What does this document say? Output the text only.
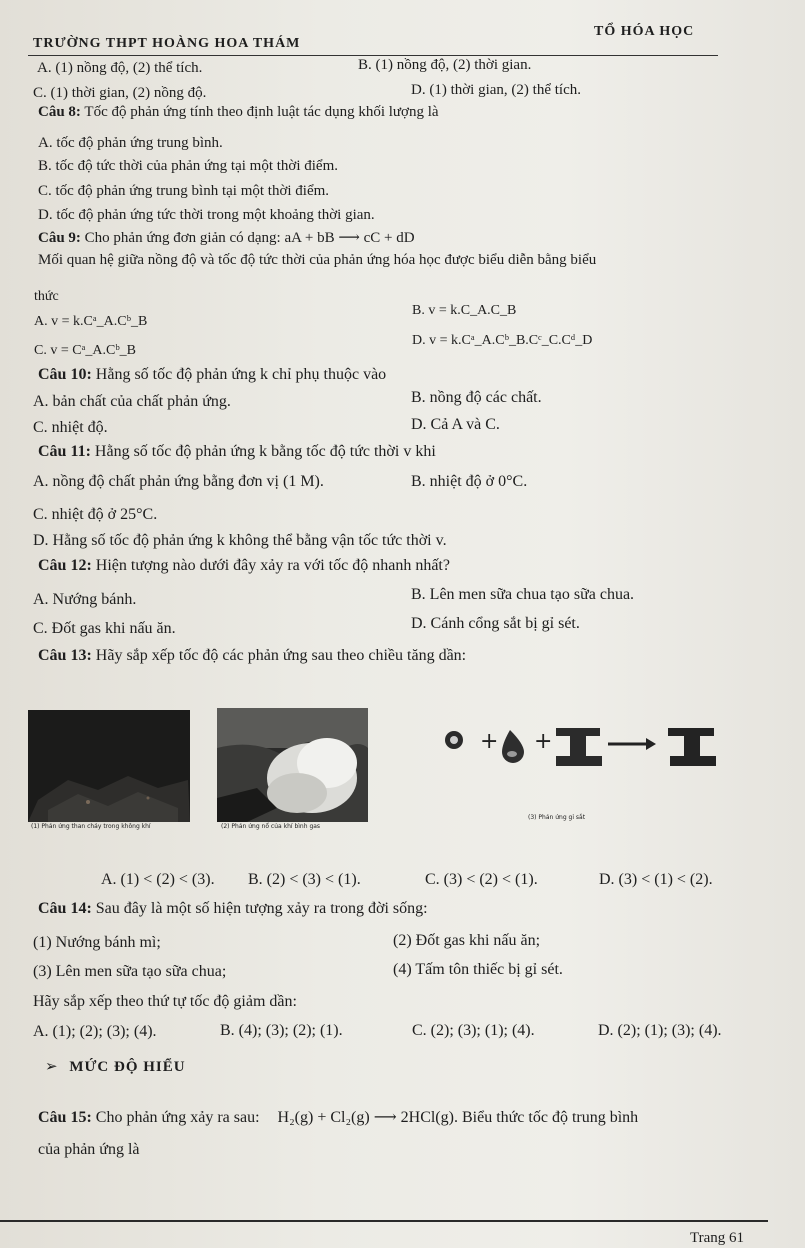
TRƯỜNG THPT HOÀNG HOA THÁM
TỔ HÓA HỌC
A. (1) nồng độ, (2) thể tích.	B. (1) nồng độ, (2) thời gian.
C. (1) thời gian, (2) nồng độ.	D. (1) thời gian, (2) thể tích.
Câu 8: Tốc độ phản ứng tính theo định luật tác dụng khối lượng là
A. tốc độ phản ứng trung bình.
B. tốc độ tức thời của phản ứng tại một thời điểm.
C. tốc độ phản ứng trung bình tại một thời điểm.
D. tốc độ phản ứng tức thời trong một khoảng thời gian.
Câu 9: Cho phản ứng đơn giản có dạng: aA + bB ⟶ cC + dD
Mối quan hệ giữa nồng độ và tốc độ tức thời của phản ứng hóa học được biểu diễn bằng biểu
thức
A. v = k.Cᵃ_A.Cᵇ_B
B. v = k.C_A.C_B
C. v = Cᵃ_A.Cᵇ_B
D. v = k.Cᵃ_A.Cᵇ_B.Cᶜ_C.Cᵈ_D
Câu 10: Hằng số tốc độ phản ứng k chỉ phụ thuộc vào
A. bản chất của chất phản ứng.	B. nồng độ các chất.
C. nhiệt độ.	D. Cả A và C.
Câu 11: Hằng số tốc độ phản ứng k bằng tốc độ tức thời v khi
A. nồng độ chất phản ứng bằng đơn vị (1 M).	B. nhiệt độ ở 0°C.
C. nhiệt độ ở 25°C.
D. Hằng số tốc độ phản ứng k không thể bằng vận tốc tức thời v.
Câu 12: Hiện tượng nào dưới đây xảy ra với tốc độ nhanh nhất?
A. Nướng bánh.	B. Lên men sữa chua tạo sữa chua.
C. Đốt gas khi nấu ăn.	D. Cánh cổng sắt bị gỉ sét.
Câu 13: Hãy sắp xếp tốc độ các phản ứng sau theo chiều tăng dần:
(1) Phản ứng than cháy trong không khí	(2) Phản ứng nổ của khí bình gas
+ +
(3) Phản ứng gỉ sắt
A. (1) < (2) < (3). B. (2) < (3) < (1).	C. (3) < (2) < (1).	D. (3) < (1) < (2).
Câu 14: Sau đây là một số hiện tượng xảy ra trong đời sống:
(1) Nướng bánh mì;	(2) Đốt gas khi nấu ăn;
(3) Lên men sữa tạo sữa chua;	(4) Tấm tôn thiếc bị gỉ sét.
Hãy sắp xếp theo thứ tự tốc độ giảm dần:
A. (1); (2); (3); (4).	B. (4); (3); (2); (1).	C. (2); (3); (1); (4).	D. (2); (1); (3); (4).
➢ MỨC ĐỘ HIỂU
Câu 15: Cho phản ứng xảy ra sau: H₂(g) + Cl₂(g) ⟶ 2HCl(g). Biểu thức tốc độ trung bình
của phản ứng là
Trang 61
